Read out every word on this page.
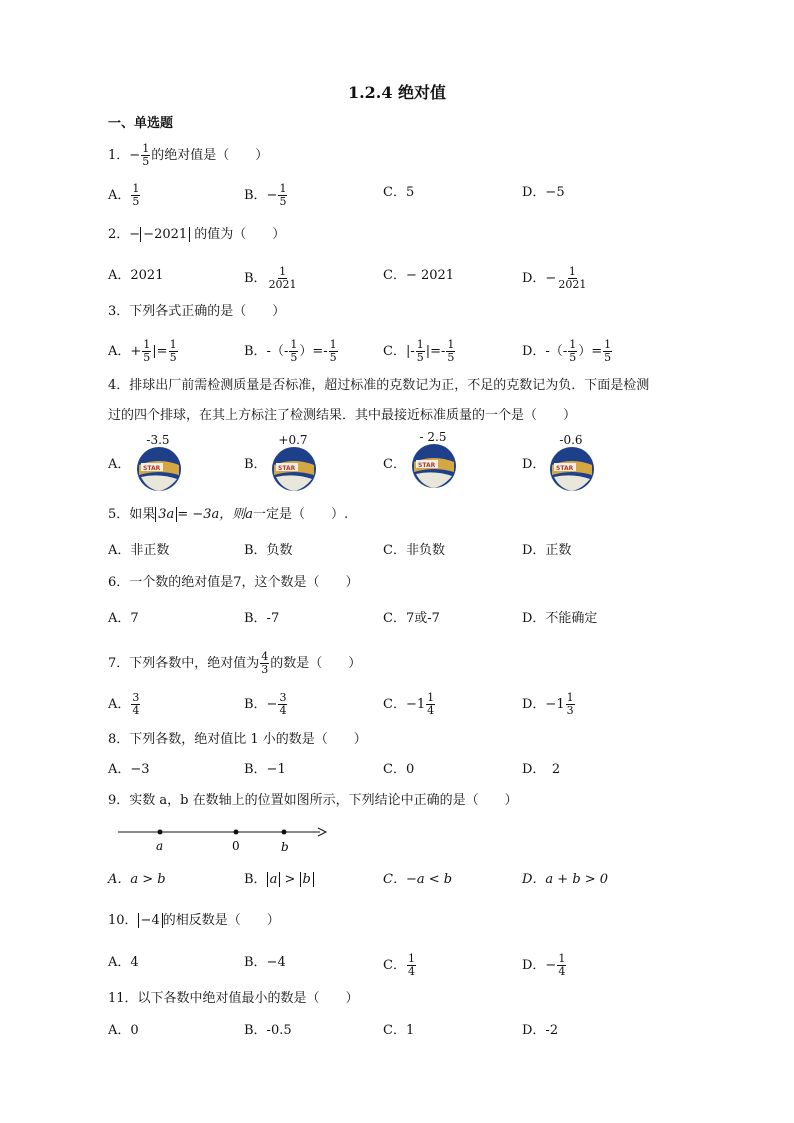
1.2.4 绝对值
一、单选题
1．− $\frac{1}{5}$ 的绝对值是（　　）
A． $\frac{1}{5}$	B．− $\frac{1}{5}$	C．5	D．−5
2．− −2021 的值为（　　）
A．2021	B． $\frac{1}{2021}$	C．− 2021	D．− $\frac{1}{2021}$
3．下列各式正确的是（　　）
A．+ $\frac{1}{5}$ |= $\frac{1}{5}$	B．-（- $\frac{1}{5}$ ）=- $\frac{1}{5}$	C．|- $\frac{1}{5}$ |=- $\frac{1}{5}$	D．-（- $\frac{1}{5}$ ）= $\frac{1}{5}$
4．排球出厂前需检测质量是否标准，超过标准的克数记为正，不足的克数记为负．下面是检测
过的四个排球，在其上方标注了检测结果．其中最接近标准质量的一个是（　　）
A．
-3.5
STAR	B．
+0.7
STAR	C．
- 2.5
STAR	D．
-0.6
STAR
5．如果 3a = −3a，则a一定是（　　）.
A．非正数	B．负数	C．非负数	D．正数
6．一个数的绝对值是7，这个数是（　　）
A．7	B．-7	C．7或-7	D．不能确定
7．下列各数中，绝对值为 $\frac{4}{3}$ 的数是（　　）
A． $\frac{3}{4}$	B．− $\frac{3}{4}$	C．$-1 \frac{1}{4}$	D．$-1 \frac{1}{3}$
8．下列各数，绝对值比 1 小的数是（　　）
A．−3	B．−1	C．0	D．　2
9．实数 a，b 在数轴上的位置如图所示，下列结论中正确的是（　　）
a	0	b
A．a > b	B． a > b	C．−a < b	D．a + b > 0
10． −4 的相反数是（　　）
A．4	B．−4	C． $\frac{1}{4}$	D．− $\frac{1}{4}$
11．以下各数中绝对值最小的数是（　　）
A．0	B．-0.5	C．1	D．-2
